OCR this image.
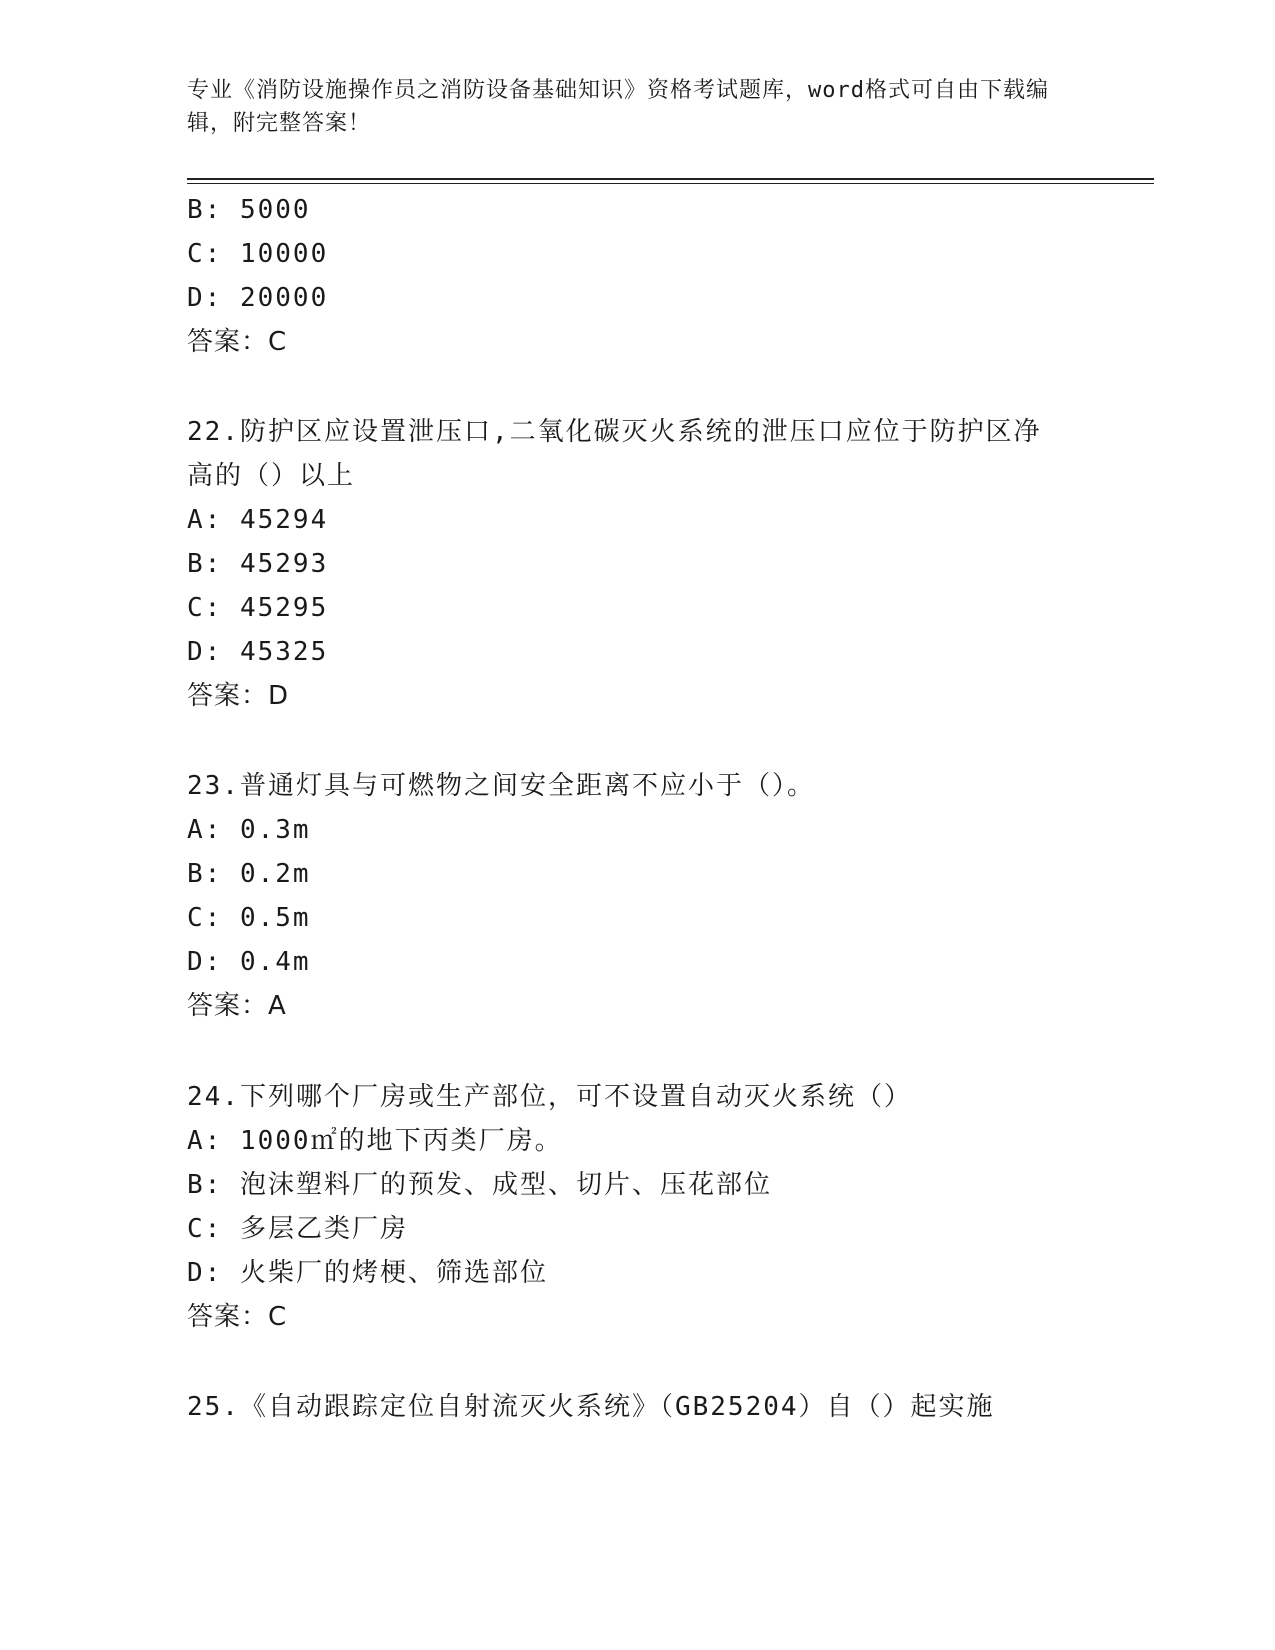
专业《消防设施操作员之消防设备基础知识》资格考试题库，word格式可自由下载编辑，附完整答案！
B: 5000
C: 10000
D: 20000
答案：C
22.防护区应设置泄压口,二氧化碳灭火系统的泄压口应位于防护区净
高的（）以上
A: 45294
B: 45293
C: 45295
D: 45325
答案：D
23.普通灯具与可燃物之间安全距离不应小于（）。
A: 0.3m
B: 0.2m
C: 0.5m
D: 0.4m
答案：A
24.下列哪个厂房或生产部位，可不设置自动灭火系统（）
A: 1000㎡的地下丙类厂房。
B: 泡沫塑料厂的预发、成型、切片、压花部位
C: 多层乙类厂房
D: 火柴厂的烤梗、筛选部位
答案：C
25.《自动跟踪定位自射流灭火系统》（GB25204）自（）起实施
